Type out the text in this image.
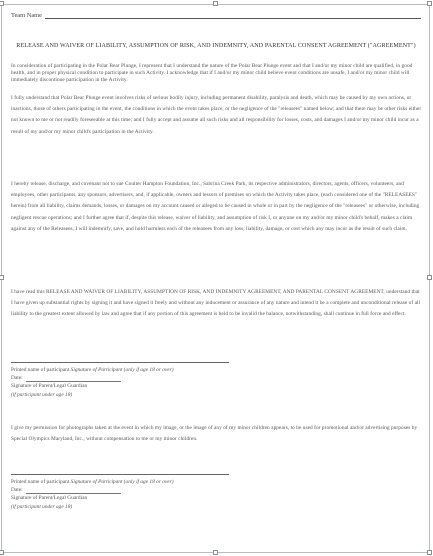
Team Name
RELEASE AND WAIVER OF LIABILITY, ASSUMPTION OF RISK, AND INDEMNITY, AND PARENTAL CONSENT AGREEMENT ("AGREEMENT")
In consideration of participating in the Polar Bear Plunge, I represent that I understand the nature of the Polar Bear Plunge event and that I and/or my minor child are qualified, in good health, and in proper physical condition to participate in such Activity. I acknowledge that if I and/or my minor child believe event conditions are unsafe, I and/or my minor child will immediately discontinue participation in the Activity.
I fully understand that Polar Bear Plunge event involves risks of serious bodily injury, including permanent disability, paralysis and death, which may be caused by my own actions, or inactions, those of others participating in the event, the conditions in which the event takes place, or the negligence of the "releasees" named below; and that there may be other risks either not known to me or not readily foreseeable at this time; and I fully accept and assume all such risks and all responsibility for losses, costs, and damages I and/or my minor child incur as a result of my and/or my minor child's participation in the Activity.
I hereby release, discharge, and covenant not to sue Coulter Hampton Foundation, Inc., Sabrina Creek Park, its respective administrators, directors, agents, officers, volunteers, and employees, other participants, any sponsors, advertisers, and, if applicable, owners and lessors of premises on which the Activity takes place, (each considered one of the "RELEASEES" herein) from all liability, claims demands, losses, or damages on my account caused or alleged to be caused in whole or in part by the negligence of the "releasees" or otherwise, including negligent rescue operations; and I further agree that if, despite this release, waiver of liability, and assumption of risk I, or anyone on my and/or my minor child's behalf, makes a claim against any of the Releasees, I will indemnify, save, and hold harmless each of the releasees from any loss, liability, damage, or cost which any may incur as the result of such claim.
I have read this RELEASE AND WAIVER OF LIABILITY, ASSUMPTION OF RISK, AND INDEMNITY AGREEMENT, AND PARENTAL CONSENT AGREEMENT, understand that I have given up substantial rights by signing it and have signed it freely and without any inducement or assurance of any nature and intend it be a complete and unconditional release of all liability to the greatest extent allowed by law and agree that if any portion of this agreement is held to be invalid the balance, notwithstanding, shall continue in full force and effect.
Printed name of participant Signature of Participant (only if age 18 or over)
Date:
Signature of Parent/Legal Guardian
(if participant under age 18)
I give my permission for photographs taken at the event in which my image, or the image of any of my minor children appears, to be used for promotional and/or advertising purposes by Special Olympics Maryland, Inc., without compensation to me or my minor children.
Printed name of participant Signature of Participant (only if age 18 or over)
Date:
Signature of Parent/Legal Guardian
(if participant under age 18)
